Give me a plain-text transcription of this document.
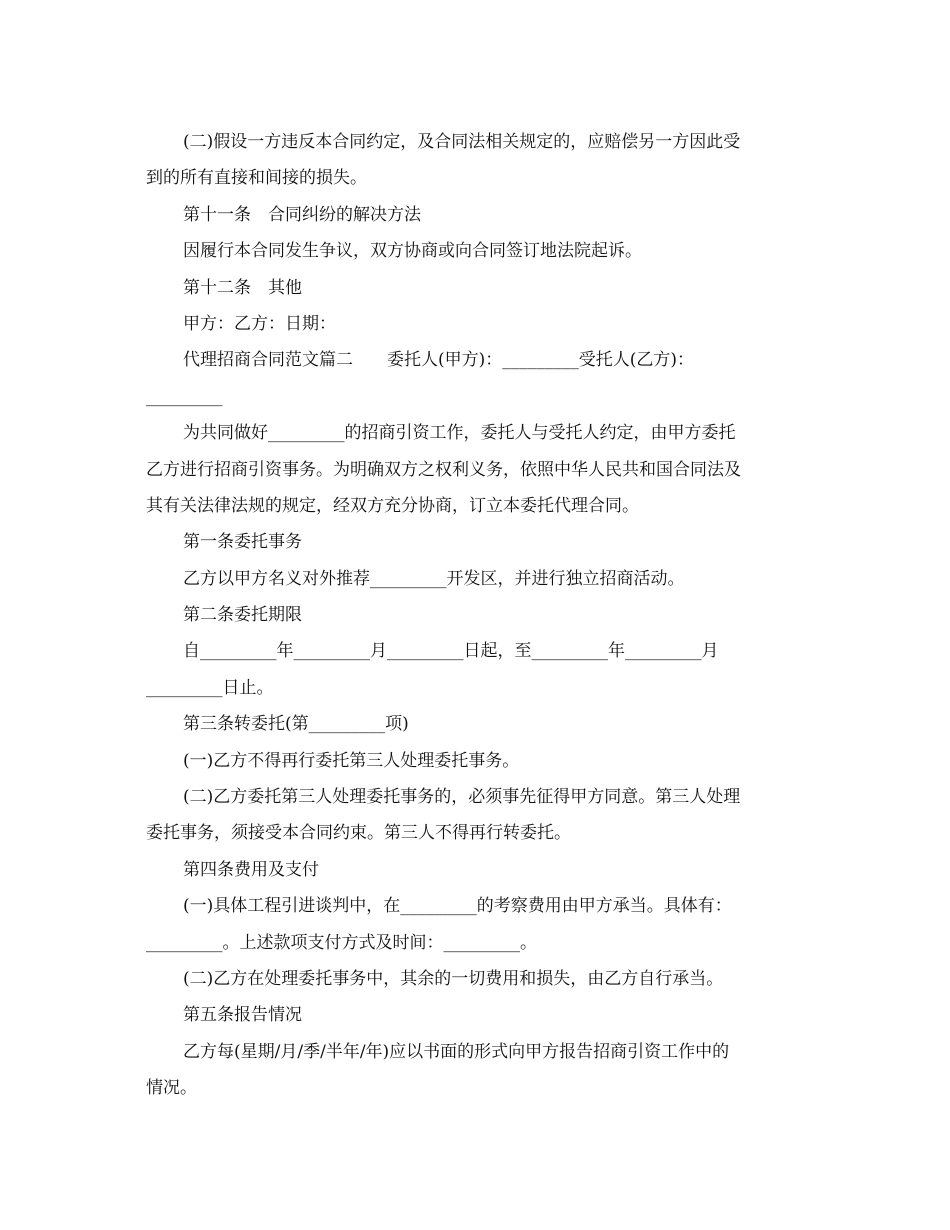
(二)假设一方违反本合同约定，及合同法相关规定的，应赔偿另一方因此受
到的所有直接和间接的损失。
第十一条　合同纠纷的解决方法
因履行本合同发生争议，双方协商或向合同签订地法院起诉。
第十二条　其他
甲方：乙方：日期：
代理招商合同范文篇二　　委托人(甲方)：_________受托人(乙方)：
_________
为共同做好_________的招商引资工作，委托人与受托人约定，由甲方委托
乙方进行招商引资事务。为明确双方之权利义务，依照中华人民共和国合同法及
其有关法律法规的规定，经双方充分协商，订立本委托代理合同。
第一条委托事务
乙方以甲方名义对外推荐_________开发区，并进行独立招商活动。
第二条委托期限
自_________年_________月_________日起，至_________年_________月
_________日止。
第三条转委托(第_________项)
(一)乙方不得再行委托第三人处理委托事务。
(二)乙方委托第三人处理委托事务的，必须事先征得甲方同意。第三人处理
委托事务，须接受本合同约束。第三人不得再行转委托。
第四条费用及支付
(一)具体工程引进谈判中，在_________的考察费用由甲方承当。具体有：
_________。上述款项支付方式及时间：_________。
(二)乙方在处理委托事务中，其余的一切费用和损失，由乙方自行承当。
第五条报告情况
乙方每(星期/月/季/半年/年)应以书面的形式向甲方报告招商引资工作中的
情况。
